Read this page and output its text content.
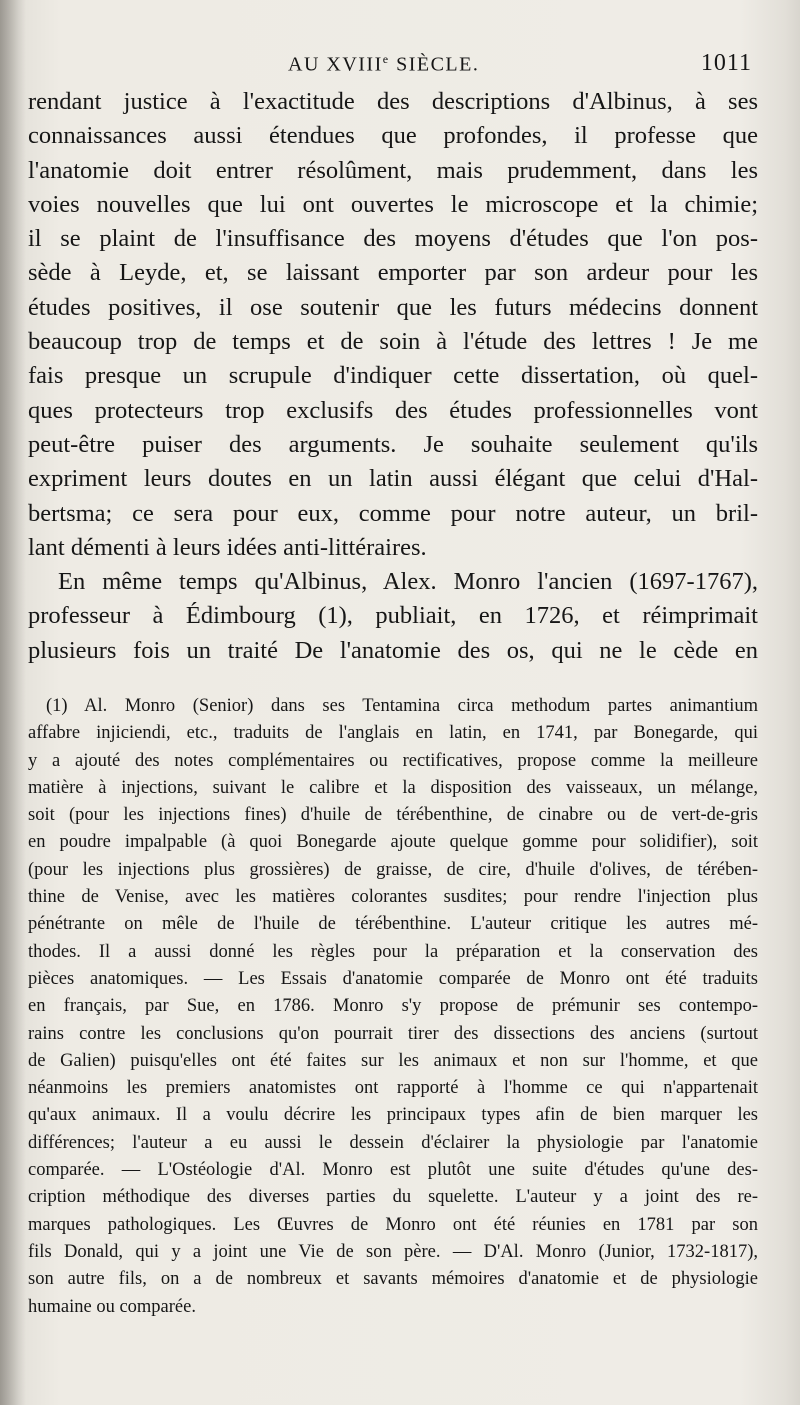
AU XVIIIe SIÈCLE.	1011
rendant justice à l'exactitude des descriptions d'Albinus, à ses
connaissances aussi étendues que profondes, il professe que
l'anatomie doit entrer résolûment, mais prudemment, dans les
voies nouvelles que lui ont ouvertes le microscope et la chimie;
il se plaint de l'insuffisance des moyens d'études que l'on pos-
sède à Leyde, et, se laissant emporter par son ardeur pour les
études positives, il ose soutenir que les futurs médecins donnent
beaucoup trop de temps et de soin à l'étude des lettres ! Je me
fais presque un scrupule d'indiquer cette dissertation, où quel-
ques protecteurs trop exclusifs des études professionnelles vont
peut-être puiser des arguments. Je souhaite seulement qu'ils
expriment leurs doutes en un latin aussi élégant que celui d'Hal-
bertsma; ce sera pour eux, comme pour notre auteur, un bril-
lant démenti à leurs idées anti-littéraires.
En même temps qu'Albinus, Alex. Monro l'ancien (1697-1767),
professeur à Édimbourg (1), publiait, en 1726, et réimprimait
plusieurs fois un traité De l'anatomie des os, qui ne le cède en
(1) Al. Monro (Senior) dans ses Tentamina circa methodum partes animantium
affabre injiciendi, etc., traduits de l'anglais en latin, en 1741, par Bonegarde, qui
y a ajouté des notes complémentaires ou rectificatives, propose comme la meilleure
matière à injections, suivant le calibre et la disposition des vaisseaux, un mélange,
soit (pour les injections fines) d'huile de térébenthine, de cinabre ou de vert-de-gris
en poudre impalpable (à quoi Bonegarde ajoute quelque gomme pour solidifier), soit
(pour les injections plus grossières) de graisse, de cire, d'huile d'olives, de térében-
thine de Venise, avec les matières colorantes susdites; pour rendre l'injection plus
pénétrante on mêle de l'huile de térébenthine. L'auteur critique les autres mé-
thodes. Il a aussi donné les règles pour la préparation et la conservation des
pièces anatomiques. — Les Essais d'anatomie comparée de Monro ont été traduits
en français, par Sue, en 1786. Monro s'y propose de prémunir ses contempo-
rains contre les conclusions qu'on pourrait tirer des dissections des anciens (surtout
de Galien) puisqu'elles ont été faites sur les animaux et non sur l'homme, et que
néanmoins les premiers anatomistes ont rapporté à l'homme ce qui n'appartenait
qu'aux animaux. Il a voulu décrire les principaux types afin de bien marquer les
différences; l'auteur a eu aussi le dessein d'éclairer la physiologie par l'anatomie
comparée. — L'Ostéologie d'Al. Monro est plutôt une suite d'études qu'une des-
cription méthodique des diverses parties du squelette. L'auteur y a joint des re-
marques pathologiques. Les Œuvres de Monro ont été réunies en 1781 par son
fils Donald, qui y a joint une Vie de son père. — D'Al. Monro (Junior, 1732-1817),
son autre fils, on a de nombreux et savants mémoires d'anatomie et de physiologie
humaine ou comparée.
